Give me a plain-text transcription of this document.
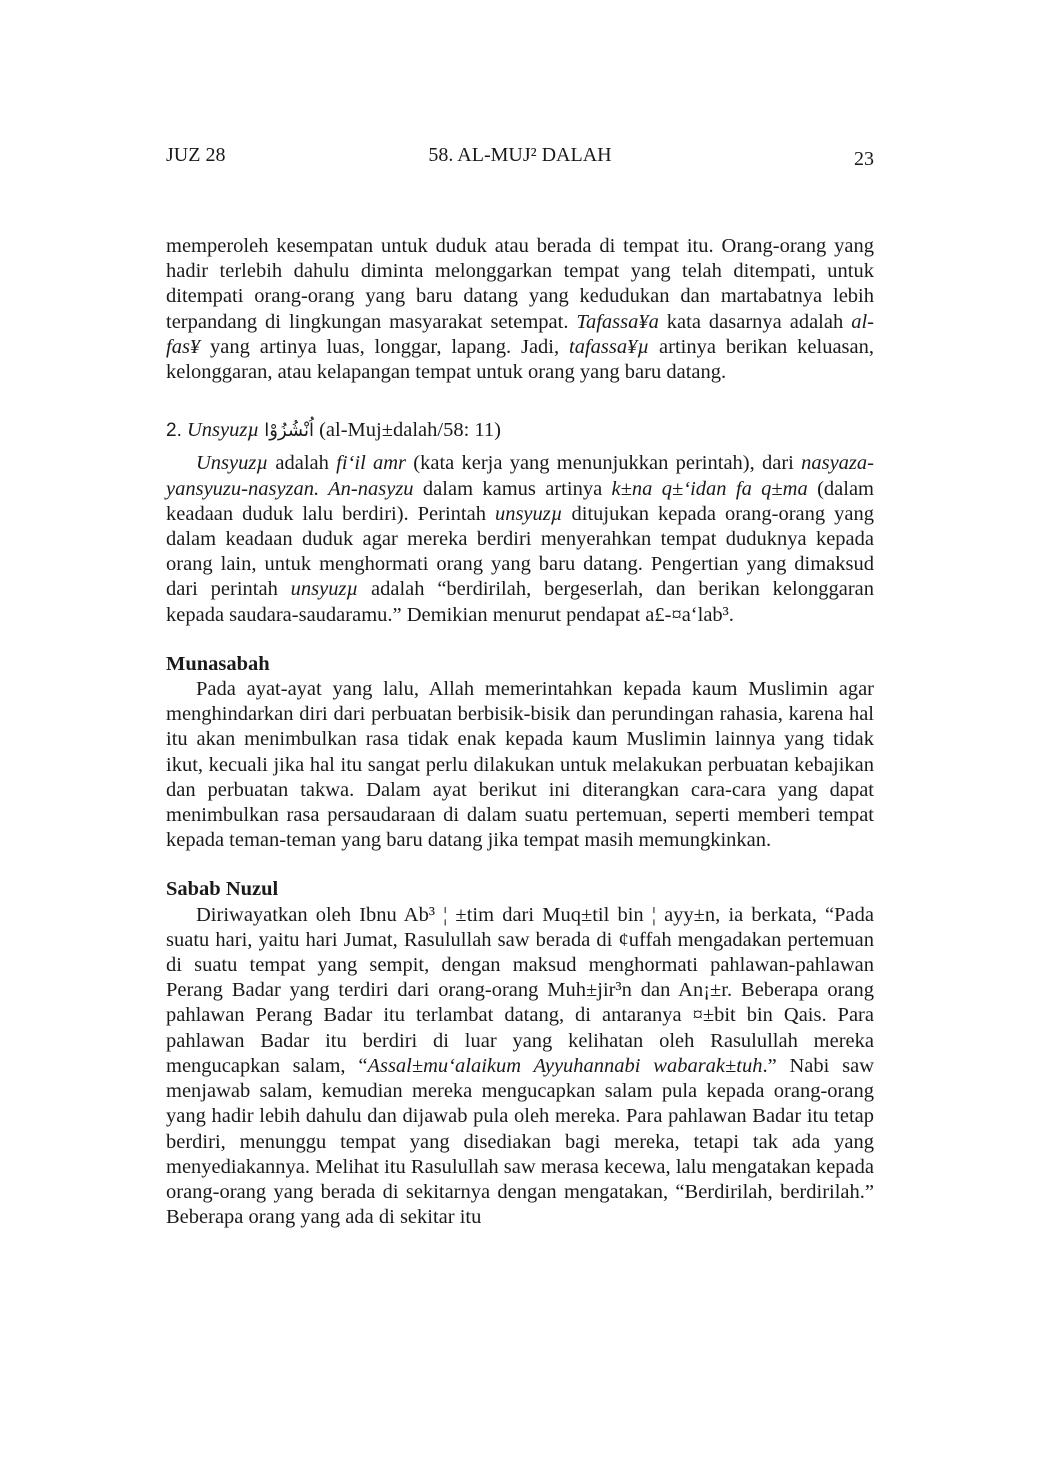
JUZ 28	58. AL-MUJ² DALAH	23

memperoleh kesempatan untuk duduk atau berada di tempat itu. Orang-orang yang hadir terlebih dahulu diminta melonggarkan tempat yang telah ditempati, untuk ditempati orang-orang yang baru datang yang kedudukan dan martabatnya lebih terpandang di lingkungan masyarakat setempat. Tafassa¥a kata dasarnya adalah al-fas¥ yang artinya luas, longgar, lapang. Jadi, tafassa¥µ artinya berikan keluasan, kelonggaran, atau kelapangan tempat untuk orang yang baru datang.

2. Unsyuzµ اُنْشُزُوْا (al-Muj±dalah/58: 11)

Unsyuzµ adalah fi‘il amr (kata kerja yang menunjukkan perintah), dari nasyaza-yansyuzu-nasyzan. An-nasyzu dalam kamus artinya k±na q±‘idan fa q±ma (dalam keadaan duduk lalu berdiri). Perintah unsyuzµ ditujukan kepada orang-orang yang dalam keadaan duduk agar mereka berdiri menyerahkan tempat duduknya kepada orang lain, untuk menghormati orang yang baru datang. Pengertian yang dimaksud dari perintah unsyuzµ adalah “berdirilah, bergeserlah, dan berikan kelonggaran kepada saudara-saudaramu.” Demikian menurut pendapat a£-¤a‘lab³.

Munasabah

Pada ayat-ayat yang lalu, Allah memerintahkan kepada kaum Muslimin agar menghindarkan diri dari perbuatan berbisik-bisik dan perundingan rahasia, karena hal itu akan menimbulkan rasa tidak enak kepada kaum Muslimin lainnya yang tidak ikut, kecuali jika hal itu sangat perlu dilakukan untuk melakukan perbuatan kebajikan dan perbuatan takwa. Dalam ayat berikut ini diterangkan cara-cara yang dapat menimbulkan rasa persaudaraan di dalam suatu pertemuan, seperti memberi tempat kepada teman-teman yang baru datang jika tempat masih memungkinkan.

Sabab Nuzul

Diriwayatkan oleh Ibnu Ab³ ¦ ±tim dari Muq±til bin ¦ ayy±n, ia berkata, “Pada suatu hari, yaitu hari Jumat, Rasulullah saw berada di ¢uffah mengadakan pertemuan di suatu tempat yang sempit, dengan maksud menghormati pahlawan-pahlawan Perang Badar yang terdiri dari orang-orang Muh±jir³n dan An¡±r. Beberapa orang pahlawan Perang Badar itu terlambat datang, di antaranya ¤±bit bin Qais. Para pahlawan Badar itu berdiri di luar yang kelihatan oleh Rasulullah mereka mengucapkan salam, “Assal±mu‘alaikum Ayyuhannabi wabarak±tuh.” Nabi saw menjawab salam, kemudian mereka mengucapkan salam pula kepada orang-orang yang hadir lebih dahulu dan dijawab pula oleh mereka. Para pahlawan Badar itu tetap berdiri, menunggu tempat yang disediakan bagi mereka, tetapi tak ada yang menyediakannya. Melihat itu Rasulullah saw merasa kecewa, lalu mengatakan kepada orang-orang yang berada di sekitarnya dengan mengatakan, “Berdirilah, berdirilah.” Beberapa orang yang ada di sekitar itu
